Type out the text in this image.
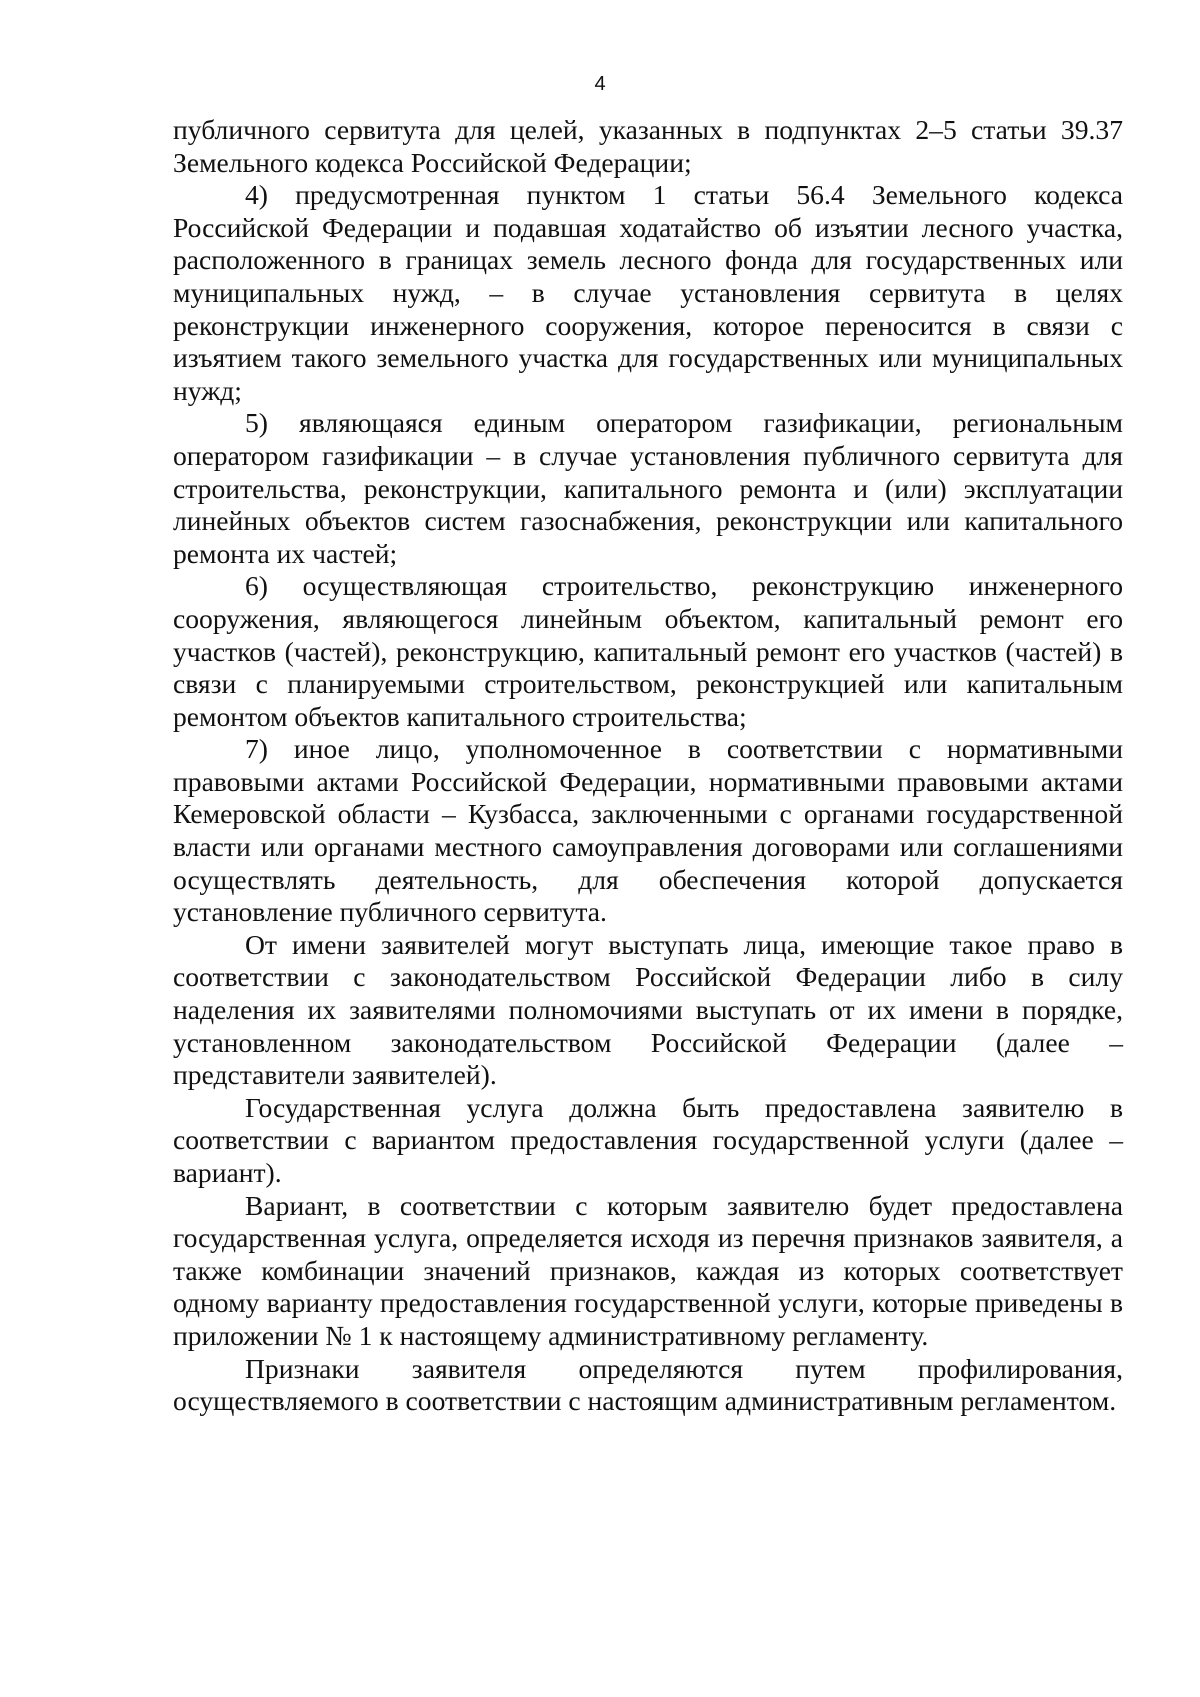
4

публичного сервитута для целей, указанных в подпунктах 2–5 статьи 39.37 Земельного кодекса Российской Федерации;

4) предусмотренная пунктом 1 статьи 56.4 Земельного кодекса Российской Федерации и подавшая ходатайство об изъятии лесного участка, расположенного в границах земель лесного фонда для государственных или муниципальных нужд, – в случае установления сервитута в целях реконструкции инженерного сооружения, которое переносится в связи с изъятием такого земельного участка для государственных или муниципальных нужд;

5) являющаяся единым оператором газификации, региональным оператором газификации – в случае установления публичного сервитута для строительства, реконструкции, капитального ремонта и (или) эксплуатации линейных объектов систем газоснабжения, реконструкции или капитального ремонта их частей;

6) осуществляющая строительство, реконструкцию инженерного сооружения, являющегося линейным объектом, капитальный ремонт его участков (частей), реконструкцию, капитальный ремонт его участков (частей) в связи с планируемыми строительством, реконструкцией или капитальным ремонтом объектов капитального строительства;

7) иное лицо, уполномоченное в соответствии с нормативными правовыми актами Российской Федерации, нормативными правовыми актами Кемеровской области – Кузбасса, заключенными с органами государственной власти или органами местного самоуправления договорами или соглашениями осуществлять деятельность, для обеспечения которой допускается установление публичного сервитута.

От имени заявителей могут выступать лица, имеющие такое право в соответствии с законодательством Российской Федерации либо в силу наделения их заявителями полномочиями выступать от их имени в порядке, установленном законодательством Российской Федерации (далее – представители заявителей).

Государственная услуга должна быть предоставлена заявителю в соответствии с вариантом предоставления государственной услуги (далее – вариант).

Вариант, в соответствии с которым заявителю будет предоставлена государственная услуга, определяется исходя из перечня признаков заявителя, а также комбинации значений признаков, каждая из которых соответствует одному варианту предоставления государственной услуги, которые приведены в приложении № 1 к настоящему административному регламенту.

Признаки заявителя определяются путем профилирования, осуществляемого в соответствии с настоящим административным регламентом.
